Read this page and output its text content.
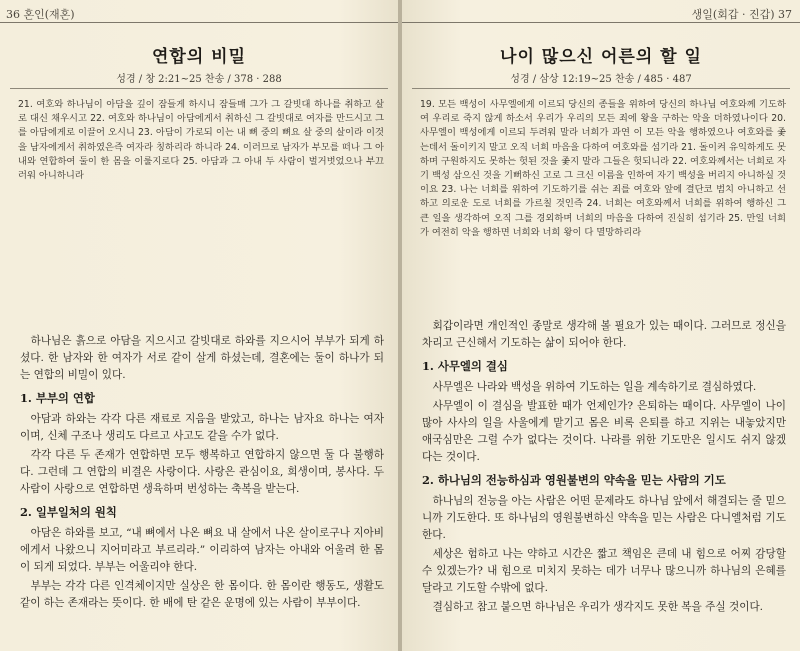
36 혼인(재혼)
연합의 비밀
성경 / 창 2:21~25 찬송 / 378 · 288
21. 여호와 하나님이 아담을 깊이 잠들게 하시니 잠들매 그가 그 갈빗대 하나를 취하고 살로 대신 채우시고 22. 여호와 하나님이 아담에게서 취하신 그 갈빗대로 여자를 만드시고 그를 아담에게로 이끌어 오시니 23. 아담이 가로되 이는 내 뼈 중의 뼈요 살 중의 살이라 이것을 남자에게서 취하였은즉 여자라 칭하리라 하니라 24. 이러므로 남자가 부모를 떠나 그 아내와 연합하여 둘이 한 몸을 이룰지로다 25. 아담과 그 아내 두 사람이 벌거벗었으나 부끄러워 아니하니라

하나님은 흙으로 아담을 지으시고 갈빗대로 하와를 지으시어 부부가 되게 하셨다. 한 남자와 한 여자가 서로 같이 살게 하셨는데, 결혼에는 둘이 하나가 되는 연합의 비밀이 있다.

1. 부부의 연합

아담과 하와는 각각 다른 재료로 지음을 받았고, 하나는 남자요 하나는 여자이며, 신체 구조나 생리도 다르고 사고도 같을 수가 없다.

각각 다른 두 존재가 연합하면 모두 행복하고 연합하지 않으면 둘 다 불행하다. 그런데 그 연합의 비결은 사랑이다. 사랑은 관심이요, 희생이며, 봉사다. 두 사람이 사랑으로 연합하면 생육하며 번성하는 축복을 받는다.

2. 일부일처의 원칙

아담은 하와를 보고, “내 뼈에서 나온 뼈요 내 살에서 나온 살이로구나 지아비에게서 나왔으니 지어미라고 부르리라.” 이리하여 남자는 아내와 어울려 한 몸이 되게 되었다. 부부는 어울리야 한다.

부부는 각각 다른 인격체이지만 실상은 한 몸이다. 한 몸이란 행동도, 생활도 같이 하는 존재라는 뜻이다. 한 배에 탄 같은 운명에 있는 사람이 부부이다.

생일(회갑 · 진갑) 37
나이 많으신 어른의 할 일
성경 / 삼상 12:19~25 찬송 / 485 · 487
19. 모든 백성이 사무엘에게 이르되 당신의 종들을 위하여 당신의 하나님 여호와께 기도하여 우리로 죽지 않게 하소서 우리가 우리의 모든 죄에 왕을 구하는 악을 더하였나이다 20. 사무엘이 백성에게 이르되 두려워 말라 너희가 과연 이 모든 악을 행하였으나 여호와를 좇는데서 돌이키지 말고 오직 너희 마음을 다하여 여호와를 섬기라 21. 돌이켜 유익하게도 못하며 구원하지도 못하는 헛된 것을 좇지 말라 그들은 헛되니라 22. 여호와께서는 너희로 자기 백성 삼으신 것을 기뻐하신 고로 그 크신 이름을 인하여 자기 백성을 버리지 아니하실 것이요 23. 나는 너희를 위하여 기도하기를 쉬는 죄를 여호와 앞에 결단코 범치 아니하고 선하고 의로운 도로 너희를 가르칠 것인즉 24. 너희는 여호와께서 너희를 위하여 행하신 그 큰 일을 생각하여 오직 그를 경외하며 너희의 마음을 다하여 진실히 섬기라 25. 만일 너희가 여전히 악을 행하면 너희와 너희 왕이 다 멸망하리라

회갑이라면 개인적인 종말로 생각해 볼 필요가 있는 때이다. 그러므로 정신을 차리고 근신해서 기도하는 삶이 되어야 한다.

1. 사무엘의 결심

사무엘은 나라와 백성을 위하여 기도하는 일을 계속하기로 결심하였다.

사무엘이 이 결심을 발표한 때가 언제인가? 은퇴하는 때이다. 사무엘이 나이 많아 사사의 일을 사울에게 맡기고 몸은 비록 은퇴를 하고 지위는 내놓았지만 애국심만은 그럴 수가 없다는 것이다. 나라를 위한 기도만은 일시도 쉬지 않겠다는 것이다.

2. 하나님의 전능하심과 영원불변의 약속을 믿는 사람의 기도

하나님의 전능을 아는 사람은 어떤 문제라도 하나님 앞에서 해결되는 줄 믿으니까 기도한다. 또 하나님의 영원불변하신 약속을 믿는 사람은 다니엘처럼 기도한다.

세상은 험하고 나는 약하고 시간은 짧고 책임은 큰데 내 힘으로 어찌 감당할 수 있겠는가? 내 힘으로 미치지 못하는 데가 너무나 많으니까 하나님의 은혜를 달라고 기도할 수밖에 없다.

결심하고 참고 붙으면 하나님은 우리가 생각지도 못한 복을 주실 것이다.
